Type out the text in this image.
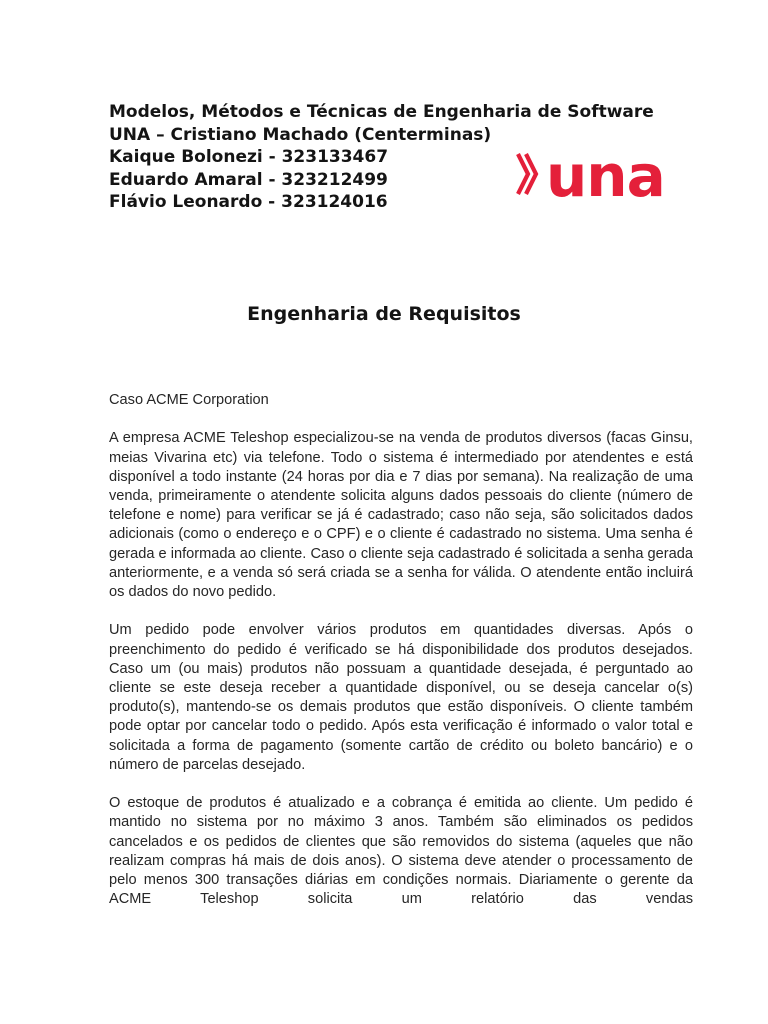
Modelos, Métodos e Técnicas de Engenharia de Software
UNA – Cristiano Machado (Centerminas)
Kaique Bolonezi - 323133467
Eduardo Amaral - 323212499
Flávio Leonardo - 323124016	una
Engenharia de Requisitos

Caso ACME Corporation

A empresa ACME Teleshop especializou-se na venda de produtos diversos (facas Ginsu, meias Vivarina etc) via telefone. Todo o sistema é intermediado por atendentes e está disponível a todo instante (24 horas por dia e 7 dias por semana). Na realização de uma venda, primeiramente o atendente solicita alguns dados pessoais do cliente (número de telefone e nome) para verificar se já é cadastrado; caso não seja, são solicitados dados adicionais (como o endereço e o CPF) e o cliente é cadastrado no sistema. Uma senha é gerada e informada ao cliente. Caso o cliente seja cadastrado é solicitada a senha gerada anteriormente, e a venda só será criada se a senha for válida. O atendente então incluirá os dados do novo pedido.

Um pedido pode envolver vários produtos em quantidades diversas. Após o preenchimento do pedido é verificado se há disponibilidade dos produtos desejados. Caso um (ou mais) produtos não possuam a quantidade desejada, é perguntado ao cliente se este deseja receber a quantidade disponível, ou se deseja cancelar o(s) produto(s), mantendo-se os demais produtos que estão disponíveis. O cliente também pode optar por cancelar todo o pedido. Após esta verificação é informado o valor total e solicitada a forma de pagamento (somente cartão de crédito ou boleto bancário) e o número de parcelas desejado.

O estoque de produtos é atualizado e a cobrança é emitida ao cliente. Um pedido é mantido no sistema por no máximo 3 anos. Também são eliminados os pedidos cancelados e os pedidos de clientes que são removidos do sistema (aqueles que não realizam compras há mais de dois anos). O sistema deve atender o processamento de pelo menos 300 transações diárias em condições normais. Diariamente o gerente da ACME Teleshop solicita um relatório das vendas
